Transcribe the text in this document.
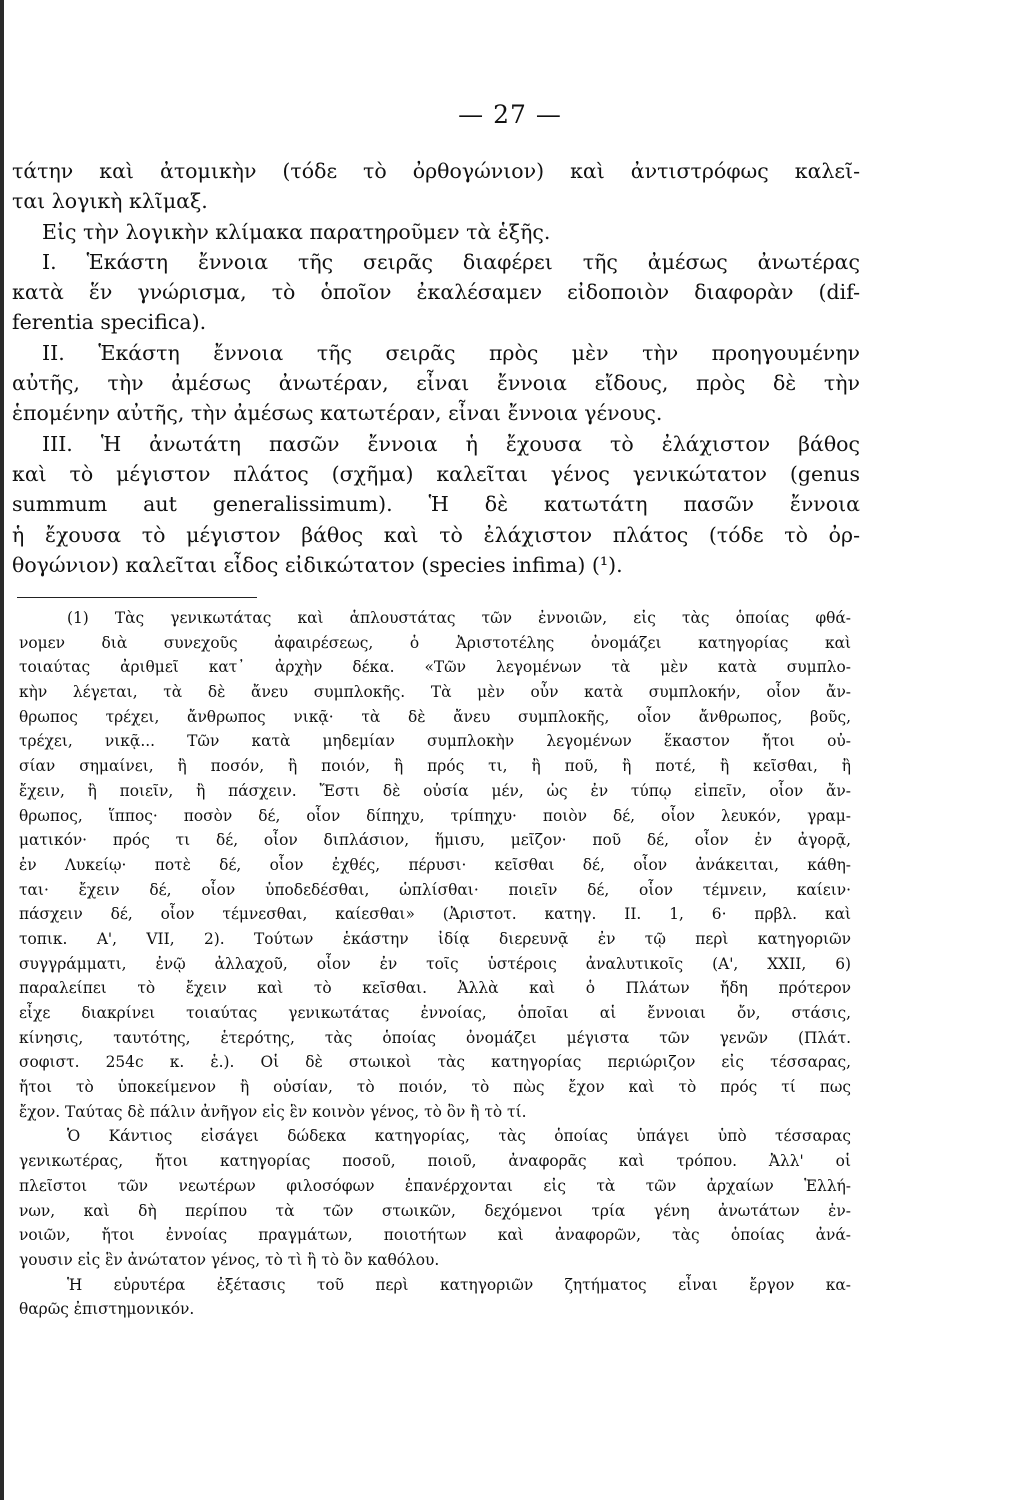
— 27 —
τάτην καὶ ἀτομικὴν (τόδε τὸ ὀρθογώνιον) καὶ ἀντιστρόφως καλεῖ-
ται λογικὴ κλῖμαξ.
Εἰς τὴν λογικὴν κλίμακα παρατηροῦμεν τὰ ἑξῆς.
I. Ἑκάστη ἔννοια τῆς σειρᾶς διαφέρει τῆς ἀμέσως ἀνωτέρας
κατὰ ἕν γνώρισμα, τὸ ὁποῖον ἐκαλέσαμεν εἰδοποιὸν διαφορὰν (dif-
ferentia specifica).
II. Ἑκάστη ἔννοια τῆς σειρᾶς πρὸς μὲν τὴν προηγουμένην
αὐτῆς, τὴν ἀμέσως ἀνωτέραν, εἶναι ἔννοια εἴδους, πρὸς δὲ τὴν
ἑπομένην αὐτῆς, τὴν ἀμέσως κατωτέραν, εἶναι ἔννοια γένους.
III. Ἡ ἀνωτάτη πασῶν ἔννοια ἡ ἔχουσα τὸ ἐλάχιστον βάθος
καὶ τὸ μέγιστον πλάτος (σχῆμα) καλεῖται γένος γενικώτατον (genus
summum aut generalissimum). Ἡ δὲ κατωτάτη πασῶν ἔννοια
ἡ ἔχουσα τὸ μέγιστον βάθος καὶ τὸ ἐλάχιστον πλάτος (τόδε τὸ ὀρ-
θογώνιον) καλεῖται εἶδος εἰδικώτατον (species infima) (¹).
(1) Τὰς γενικωτάτας καὶ ἁπλουστάτας τῶν ἐννοιῶν, εἰς τὰς ὁποίας φθά-
νομεν διὰ συνεχοῦς ἀφαιρέσεως, ὁ Ἀριστοτέλης ὀνομάζει κατηγορίας καὶ
τοιαύτας ἀριθμεῖ κατ᾽ ἀρχὴν δέκα. «Τῶν λεγομένων τὰ μὲν κατὰ συμπλο-
κὴν λέγεται, τὰ δὲ ἄνευ συμπλοκῆς. Τὰ μὲν οὖν κατὰ συμπλοκήν, οἷον ἄν-
θρωπος τρέχει, ἄνθρωπος νικᾷ· τὰ δὲ ἄνευ συμπλοκῆς, οἷον ἄνθρωπος, βοῦς,
τρέχει, νικᾷ... Τῶν κατὰ μηδεμίαν συμπλοκὴν λεγομένων ἕκαστον ἤτοι οὐ-
σίαν σημαίνει, ἢ ποσόν, ἢ ποιόν, ἢ πρός τι, ἢ ποῦ, ἢ ποτέ, ἢ κεῖσθαι, ἢ
ἔχειν, ἢ ποιεῖν, ἢ πάσχειν. Ἔστι δὲ οὐσία μέν, ὡς ἐν τύπῳ εἰπεῖν, οἷον ἄν-
θρωπος, ἵππος· ποσὸν δέ, οἷον δίπηχυ, τρίπηχυ· ποιὸν δέ, οἷον λευκόν, γραμ-
ματικόν· πρός τι δέ, οἷον διπλάσιον, ἥμισυ, μεῖζον· ποῦ δέ, οἷον ἐν ἀγορᾷ,
ἐν Λυκείῳ· ποτὲ δέ, οἷον ἐχθές, πέρυσι· κεῖσθαι δέ, οἷον ἀνάκειται, κάθη-
ται· ἔχειν δέ, οἷον ὑποδεδέσθαι, ὡπλίσθαι· ποιεῖν δέ, οἷον τέμνειν, καίειν·
πάσχειν δέ, οἷον τέμνεσθαι, καίεσθαι» (Ἀριστοτ. κατηγ. II. 1, 6· πρβλ. καὶ
τοπικ. Α', VII, 2). Τούτων ἑκάστην ἰδίᾳ διερευνᾷ ἐν τῷ περὶ κατηγοριῶν
συγγράμματι, ἐνῷ ἀλλαχοῦ, οἷον ἐν τοῖς ὑστέροις ἀναλυτικοῖς (Α', XXII, 6)
παραλείπει τὸ ἔχειν καὶ τὸ κεῖσθαι. Ἀλλὰ καὶ ὁ Πλάτων ἤδη πρότερον
εἶχε διακρίνει τοιαύτας γενικωτάτας ἐννοίας, ὁποῖαι αἱ ἔννοιαι ὄν, στάσις,
κίνησις, ταυτότης, ἑτερότης, τὰς ὁποίας ὀνομάζει μέγιστα τῶν γενῶν (Πλάτ.
σοφιστ. 254c κ. ἑ.). Οἱ δὲ στωικοὶ τὰς κατηγορίας περιώριζον εἰς τέσσαρας,
ἤτοι τὸ ὑποκείμενον ἢ οὐσίαν, τὸ ποιόν, τὸ πὼς ἔχον καὶ τὸ πρός τί πως
ἔχον. Ταύτας δὲ πάλιν ἀνῆγον εἰς ἓν κοινὸν γένος, τὸ ὂν ἢ τὸ τί.
Ὁ Κάντιος εἰσάγει δώδεκα κατηγορίας, τὰς ὁποίας ὑπάγει ὑπὸ τέσσαρας
γενικωτέρας, ἤτοι κατηγορίας ποσοῦ, ποιοῦ, ἀναφορᾶς καὶ τρόπου. Ἀλλ' οἱ
πλεῖστοι τῶν νεωτέρων φιλοσόφων ἐπανέρχονται εἰς τὰ τῶν ἀρχαίων Ἑλλή-
νων, καὶ δὴ περίπου τὰ τῶν στωικῶν, δεχόμενοι τρία γένη ἀνωτάτων ἐν-
νοιῶν, ἤτοι ἐννοίας πραγμάτων, ποιοτήτων καὶ ἀναφορῶν, τὰς ὁποίας ἀνά-
γουσιν εἰς ἓν ἀνώτατον γένος, τὸ τὶ ἢ τὸ ὂν καθόλου.
Ἡ εὐρυτέρα ἐξέτασις τοῦ περὶ κατηγοριῶν ζητήματος εἶναι ἔργον κα-
θαρῶς ἐπιστημονικόν.
